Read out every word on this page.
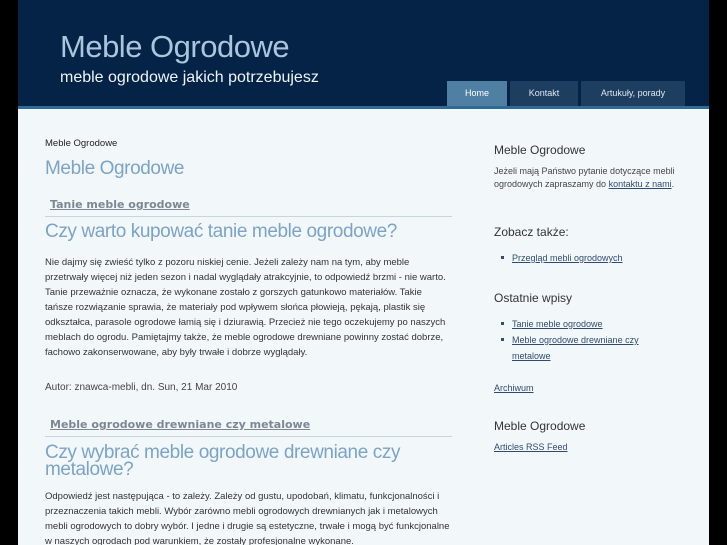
Meble Ogrodowe
meble ogrodowe jakich potrzebujesz
Home	Kontakt	Artukuły, porady
Meble Ogrodowe
Meble Ogrodowe
Tanie meble ogrodowe
Czy warto kupować tanie meble ogrodowe?

Nie dajmy się zwieść tylko z pozoru niskiej cenie. Jeżeli zależy nam na tym, aby meble przetrwały więcej niż jeden sezon i nadal wyglądały atrakcyjnie, to odpowiedź brzmi - nie warto. Tanie przeważnie oznacza, że wykonane zostało z gorszych gatunkowo materiałów. Takie tańsze rozwiązanie sprawia, że materiały pod wpływem słońca płowieją, pękają, plastik się odkształca, parasole ogrodowe łamią się i dziurawią. Przecież nie tego oczekujemy po naszych meblach do ogrodu. Pamiętajmy także, że meble ogrodowe drewniane powinny zostać dobrze, fachowo zakonserwowane, aby były trwałe i dobrze wyglądały.

Autor: znawca-mebli, dn. Sun, 21 Mar 2010
Meble ogrodowe drewniane czy metalowe
Czy wybrać meble ogrodowe drewniane czy metalowe?

Odpowiedź jest następująca - to zależy. Zależy od gustu, upodobań, klimatu, funkcjonalności i przeznaczenia takich mebli. Wybór zarówno mebli ogrodowych drewnianych jak i metalowych mebli ogrodowych to dobry wybór. I jedne i drugie są estetyczne, trwałe i mogą być funkcjonalne w naszych ogrodach pod warunkiem, że zostały profesjonalne wykonane.

Meble Ogrodowe
Jeżeli mają Państwo pytanie dotyczące mebli ogrodowych zapraszamy do kontaktu z nami.
Zobacz także:
Przegląd mebli ogrodowych
Ostatnie wpisy
Tanie meble ogrodowe
Meble ogrodowe drewniane czy
metalowe
Archiwum
Meble Ogrodowe
Articles RSS Feed
